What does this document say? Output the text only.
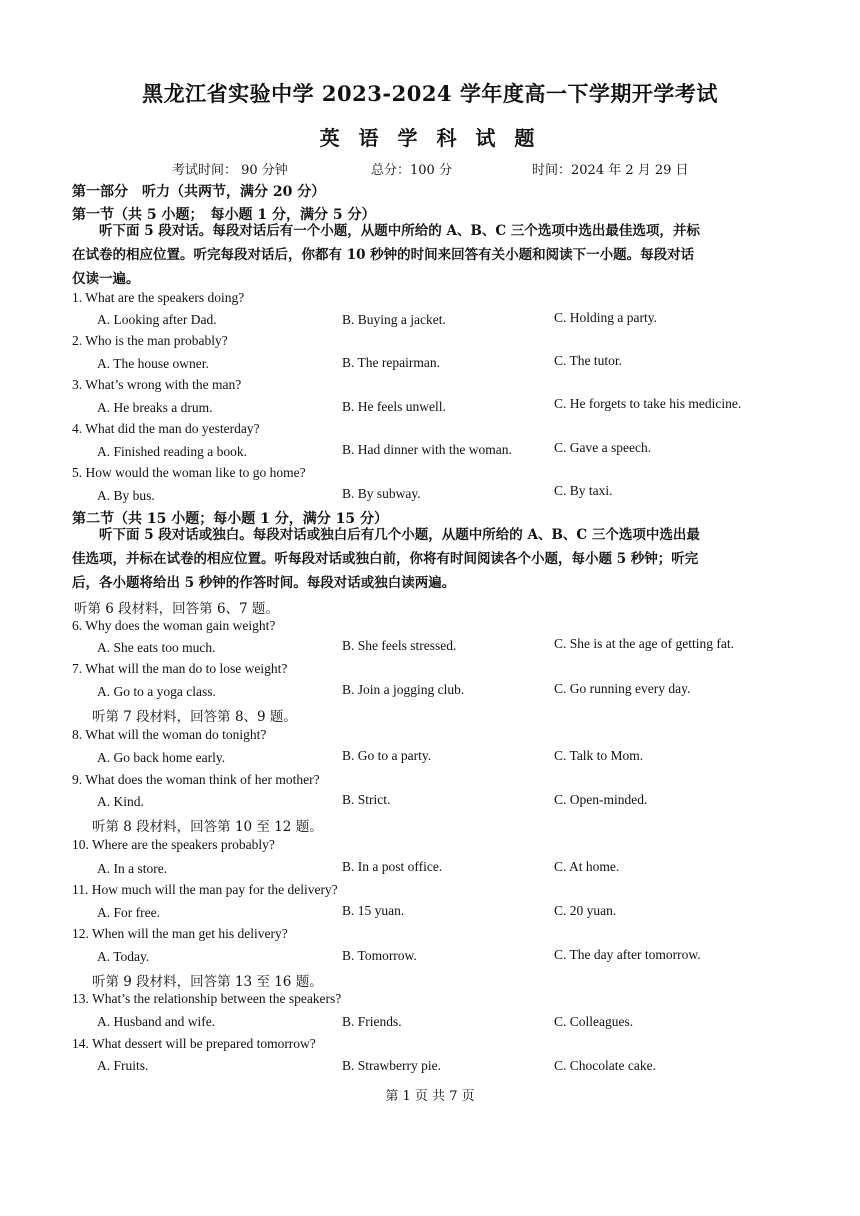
黑龙江省实验中学 2023-2024 学年度高一下学期开学考试
英 语 学 科 试 题
考试时间： 90 分钟	总分：100 分	时间：2024 年 2 月 29 日
第一部分　听力（共两节，满分 20 分）
第一节（共 5 小题；　每小题 1 分，满分 5 分）

听下面 5 段对话。每段对话后有一个小题，从题中所给的 A、B、C 三个选项中选出最佳选项，并标

在试卷的相应位置。听完每段对话后，你都有 10 秒钟的时间来回答有关小题和阅读下一小题。每段对话

仅读一遍。

1. What are the speakers doing?
A. Looking after Dad.	B. Buying a jacket.	C. Holding a party.
2. Who is the man probably?
A. The house owner.	B. The repairman.	C. The tutor.
3. What’s wrong with the man?
A. He breaks a drum.	B. He feels unwell.	C. He forgets to take his medicine.
4. What did the man do yesterday?
A. Finished reading a book.	B. Had dinner with the woman.	C. Gave a speech.
5. How would the woman like to go home?
A. By bus.	B. By subway.	C. By taxi.
第二节（共 15 小题；每小题 1 分，满分 15 分）

听下面 5 段对话或独白。每段对话或独白后有几个小题，从题中所给的 A、B、C 三个选项中选出最

佳选项，并标在试卷的相应位置。听每段对话或独白前，你将有时间阅读各个小题，每小题 5 秒钟；听完

后，各小题将给出 5 秒钟的作答时间。每段对话或独白读两遍。

听第 6 段材料，回答第 6、7 题。
6. Why does the woman gain weight?
A. She eats too much.	B. She feels stressed.	C. She is at the age of getting fat.
7. What will the man do to lose weight?
A. Go to a yoga class.	B. Join a jogging club.	C. Go running every day.
听第 7 段材料，回答第 8、9 题。
8. What will the woman do tonight?
A. Go back home early.	B. Go to a party.	C. Talk to Mom.
9. What does the woman think of her mother?
A. Kind.	B. Strict.	C. Open-minded.
听第 8 段材料，回答第 10 至 12 题。
10. Where are the speakers probably?
A. In a store.	B. In a post office.	C. At home.
11. How much will the man pay for the delivery?
A. For free.	B. 15 yuan.	C. 20 yuan.
12. When will the man get his delivery?
A. Today.	B. Tomorrow.	C. The day after tomorrow.
听第 9 段材料，回答第 13 至 16 题。
13. What’s the relationship between the speakers?
A. Husband and wife.	B. Friends.	C. Colleagues.
14. What dessert will be prepared tomorrow?
A. Fruits.	B. Strawberry pie.	C. Chocolate cake.
第 1 页 共 7 页
